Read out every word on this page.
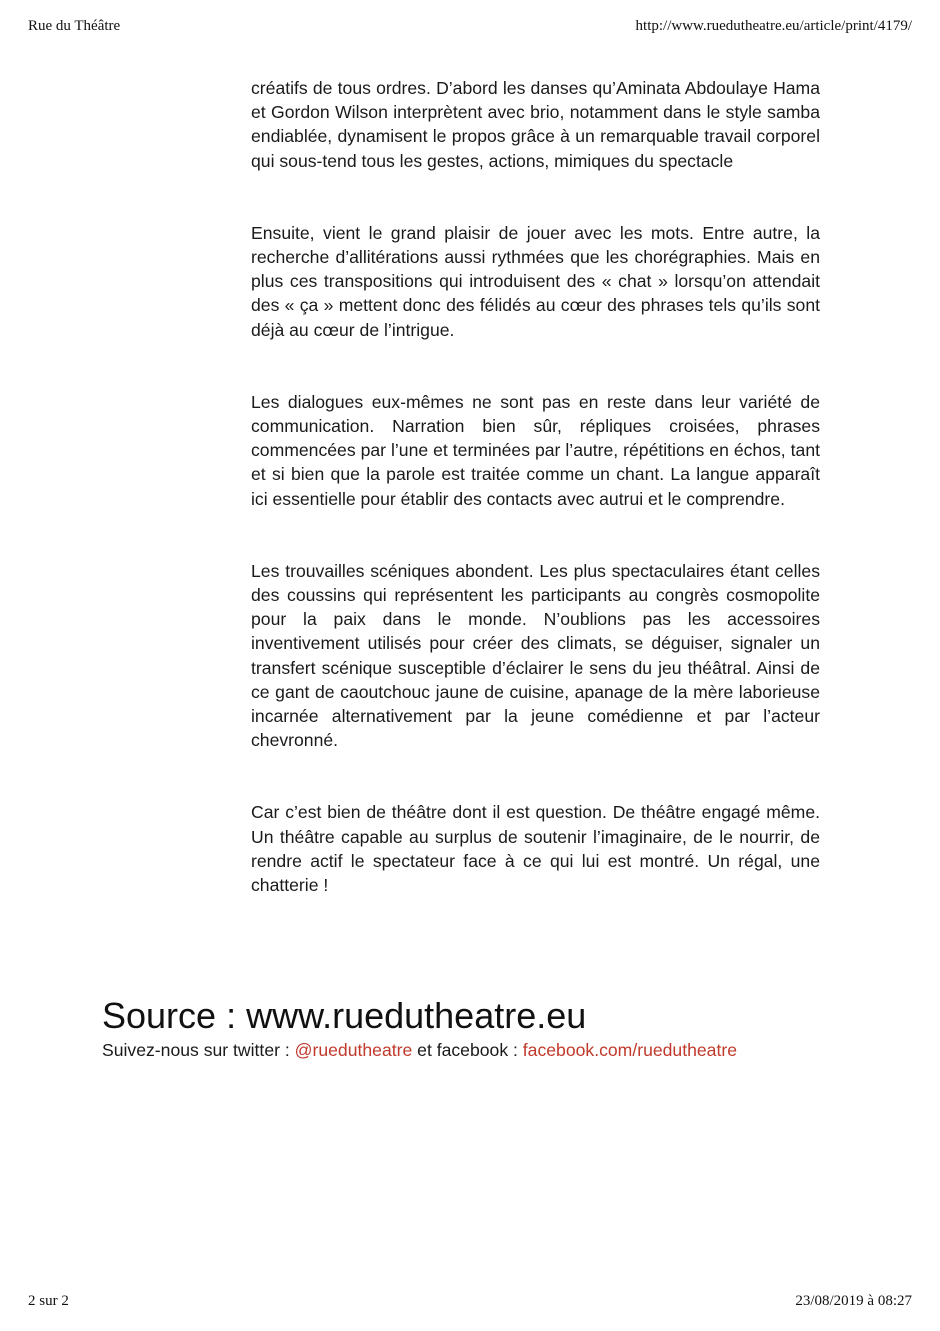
Rue du Théâtre	http://www.ruedutheatre.eu/article/print/4179/

créatifs de tous ordres. D’abord les danses qu’Aminata Abdoulaye Hama et Gordon Wilson interprètent avec brio, notamment dans le style samba endiablée, dynamisent le propos grâce à un remarquable travail corporel qui sous-tend tous les gestes, actions, mimiques du spectacle

Ensuite, vient le grand plaisir de jouer avec les mots. Entre autre, la recherche d’allitérations aussi rythmées que les chorégraphies. Mais en plus ces transpositions qui introduisent des « chat » lorsqu’on attendait des « ça » mettent donc des félidés au cœur des phrases tels qu’ils sont déjà au cœur de l’intrigue.

Les dialogues eux-mêmes ne sont pas en reste dans leur variété de communication. Narration bien sûr, répliques croisées, phrases commencées par l’une et terminées par l’autre, répétitions en échos, tant et si bien que la parole est traitée comme un chant. La langue apparaît ici essentielle pour établir des contacts avec autrui et le comprendre.

Les trouvailles scéniques abondent. Les plus spectaculaires étant celles des coussins qui représentent les participants au congrès cosmopolite pour la paix dans le monde. N’oublions pas les accessoires inventivement utilisés pour créer des climats, se déguiser, signaler un transfert scénique susceptible d’éclairer le sens du jeu théâtral. Ainsi de ce gant de caoutchouc jaune de cuisine, apanage de la mère laborieuse incarnée alternativement par la jeune comédienne et par l’acteur chevronné.

Car c’est bien de théâtre dont il est question. De théâtre engagé même. Un théâtre capable au surplus de soutenir l’imaginaire, de le nourrir, de rendre actif le spectateur face à ce qui lui est montré. Un régal, une chatterie !

Source : www.ruedutheatre.eu

Suivez-nous sur twitter : @ruedutheatre et facebook : facebook.com/ruedutheatre

2 sur 2	23/08/2019 à 08:27
